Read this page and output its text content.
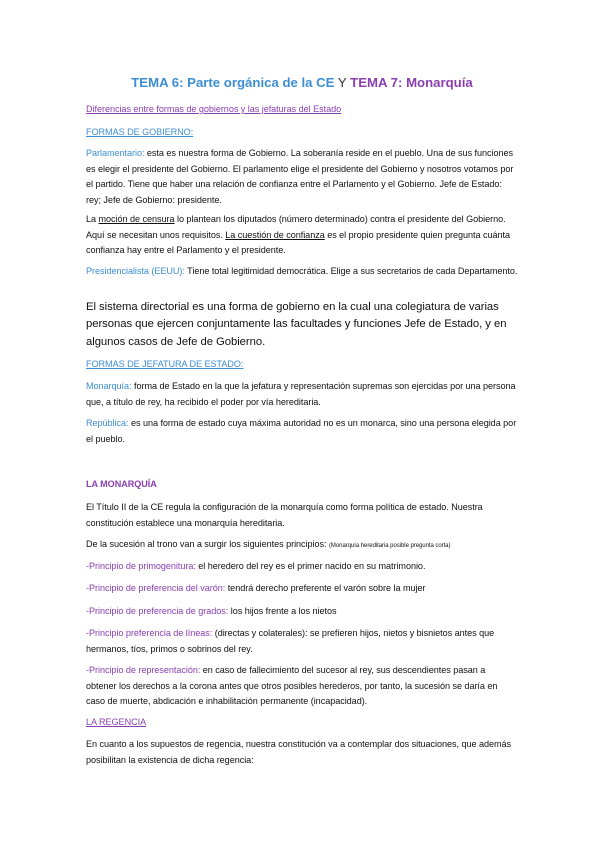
TEMA 6: Parte orgánica de la CE Y TEMA 7: Monarquía
Diferencias entre formas de gobiernos y las jefaturas del Estado
FORMAS DE GOBIERNO:

Parlamentario: esta es nuestra forma de Gobierno. La soberanía reside en el pueblo. Una de sus funciones es elegir el presidente del Gobierno. El parlamento elige el presidente del Gobierno y nosotros votamos por el partido. Tiene que haber una relación de confianza entre el Parlamento y el Gobierno. Jefe de Estado: rey; Jefe de Gobierno: presidente.

La moción de censura lo plantean los diputados (número determinado) contra el presidente del Gobierno. Aquí se necesitan unos requisitos. La cuestión de confianza es el propio presidente quien pregunta cuánta confianza hay entre el Parlamento y el presidente.

Presidencialista (EEUU): Tiene total legitimidad democrática. Elige a sus secretarios de cada Departamento.

El sistema directorial es una forma de gobierno en la cual una colegiatura de varias personas que ejercen conjuntamente las facultades y funciones Jefe de Estado, y en algunos casos de Jefe de Gobierno.

FORMAS DE JEFATURA DE ESTADO:

Monarquía: forma de Estado en la que la jefatura y representación supremas son ejercidas por una persona que, a título de rey, ha recibido el poder por vía hereditaria.

República: es una forma de estado cuya máxima autoridad no es un monarca, sino una persona elegida por el pueblo.

LA MONARQUÍA

El Título II de la CE regula la configuración de la monarquía como forma política de estado. Nuestra constitución establece una monarquía hereditaria.

De la sucesión al trono van a surgir los siguientes principios: (Monarquía hereditaria posible pregunta corta)

-Principio de primogenitura: el heredero del rey es el primer nacido en su matrimonio.

-Principio de preferencia del varón: tendrá derecho preferente el varón sobre la mujer

-Principio de preferencia de grados: los hijos frente a los nietos

-Principio preferencia de líneas: (directas y colaterales): se prefieren hijos, nietos y bisnietos antes que hermanos, tíos, primos o sobrinos del rey.

-Principio de representación: en caso de fallecimiento del sucesor al rey, sus descendientes pasan a obtener los derechos a la corona antes que otros posibles herederos, por tanto, la sucesión se daría en caso de muerte, abdicación e inhabilitación permanente (incapacidad).

LA REGENCIA

En cuanto a los supuestos de regencia, nuestra constitución va a contemplar dos situaciones, que además posibilitan la existencia de dicha regencia:
